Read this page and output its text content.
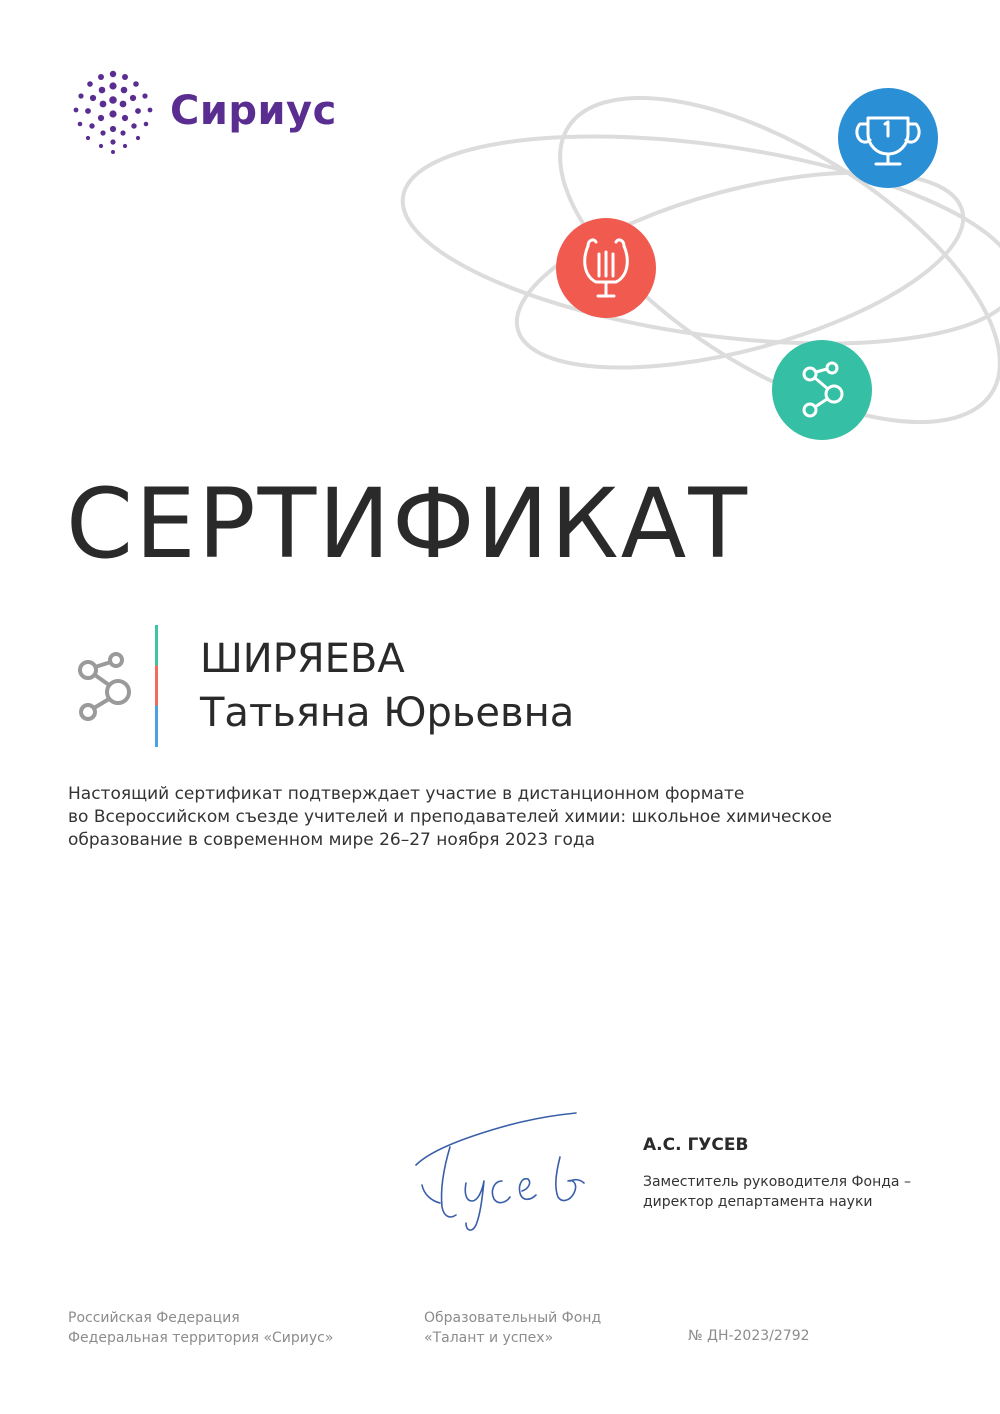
Сириус
СЕРТИФИКАТ
ШИРЯЕВА
Татьяна Юрьевна
Настоящий сертификат подтверждает участие в дистанционном формате
во Всероссийском съезде учителей и преподавателей химии: школьное химическое
образование в современном мире 26–27 ноября 2023 года
А.С. ГУСЕВ
Заместитель руководителя Фонда –
директор департамента науки
Российская Федерация
Федеральная территория «Сириус»
Образовательный Фонд
«Талант и успех»	№ ДН-2023/2792
